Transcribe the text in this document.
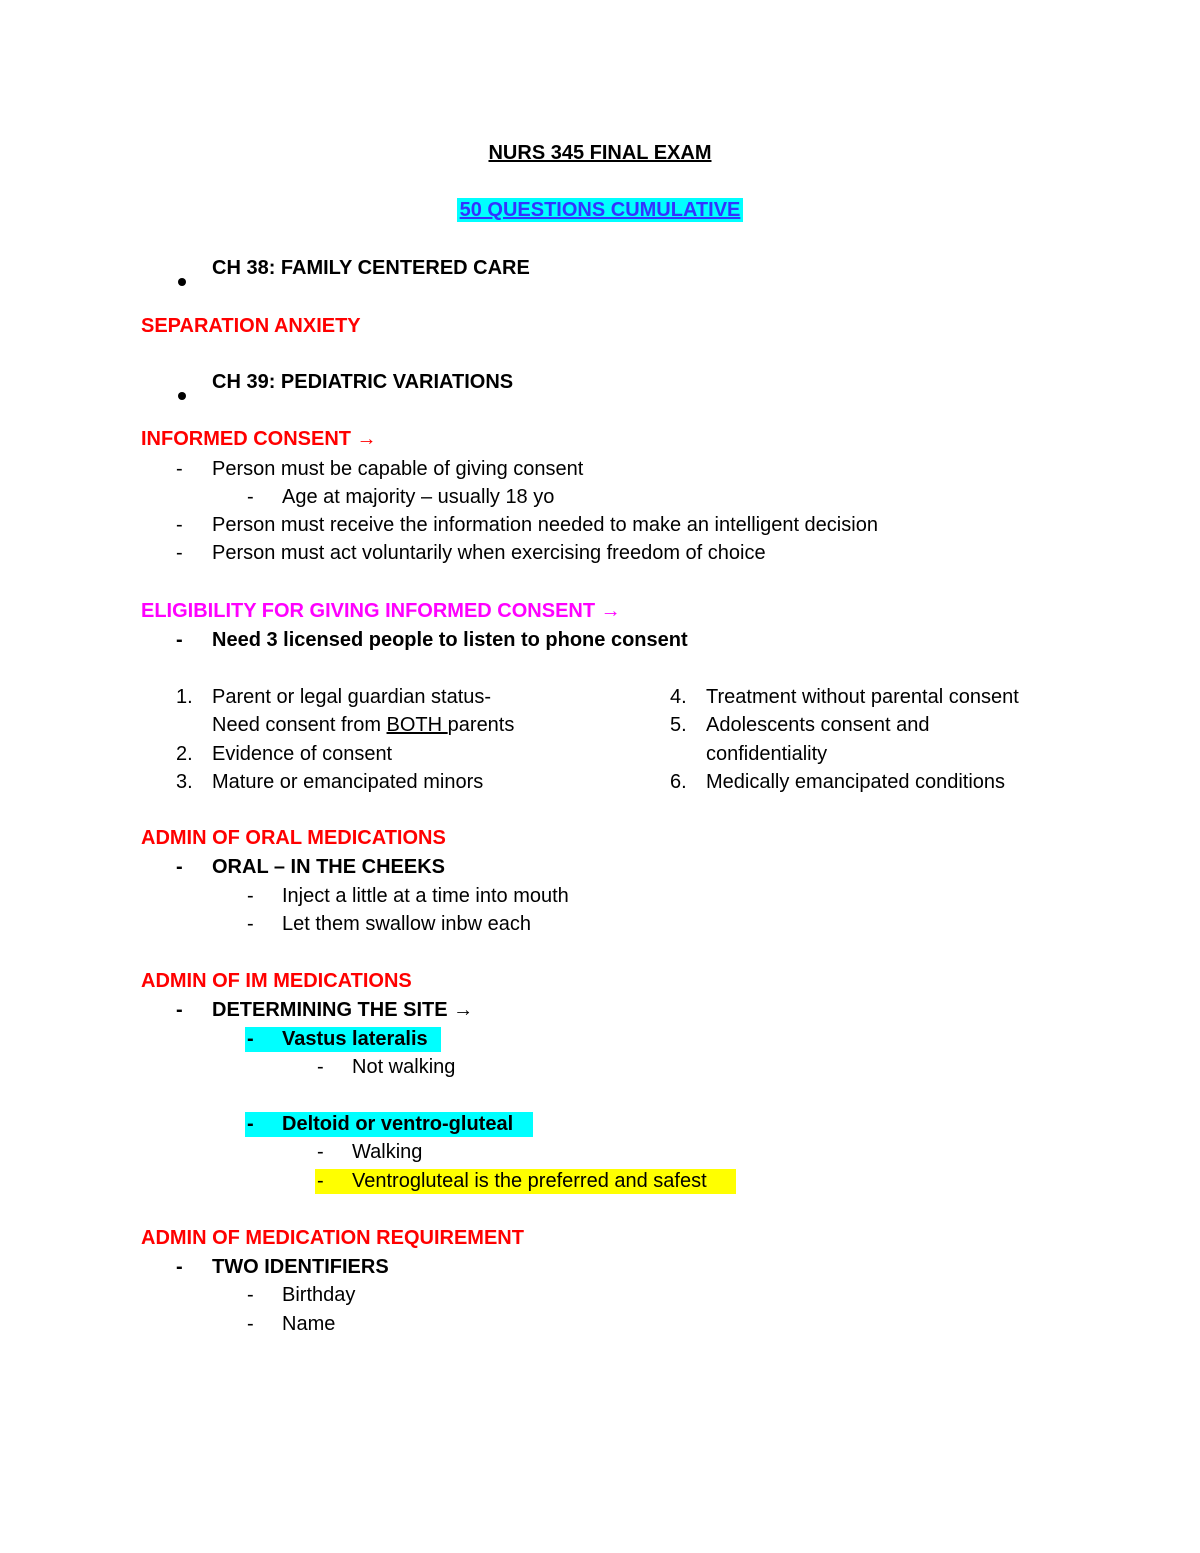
NURS 345 FINAL EXAM
50 QUESTIONS CUMULATIVE
CH 38: FAMILY CENTERED CARE
SEPARATION ANXIETY
CH 39: PEDIATRIC VARIATIONS
INFORMED CONSENT →
- Person must be capable of giving consent
- Age at majority – usually 18 yo
- Person must receive the information needed to make an intelligent decision
- Person must act voluntarily when exercising freedom of choice
ELIGIBILITY FOR GIVING INFORMED CONSENT →
- Need 3 licensed people to listen to phone consent
1. Parent or legal guardian status-
Need consent from BOTH parents
2. Evidence of consent
3. Mature or emancipated minors
4. Treatment without parental consent
5. Adolescents consent and
confidentiality
6. Medically emancipated conditions
ADMIN OF ORAL MEDICATIONS
- ORAL – IN THE CHEEKS
- Inject a little at a time into mouth
- Let them swallow inbw each
ADMIN OF IM MEDICATIONS
- DETERMINING THE SITE →
- Vastus lateralis
- Not walking
- Deltoid or ventro-gluteal
- Walking
- Ventrogluteal is the preferred and safest
ADMIN OF MEDICATION REQUIREMENT
- TWO IDENTIFIERS
- Birthday
- Name
